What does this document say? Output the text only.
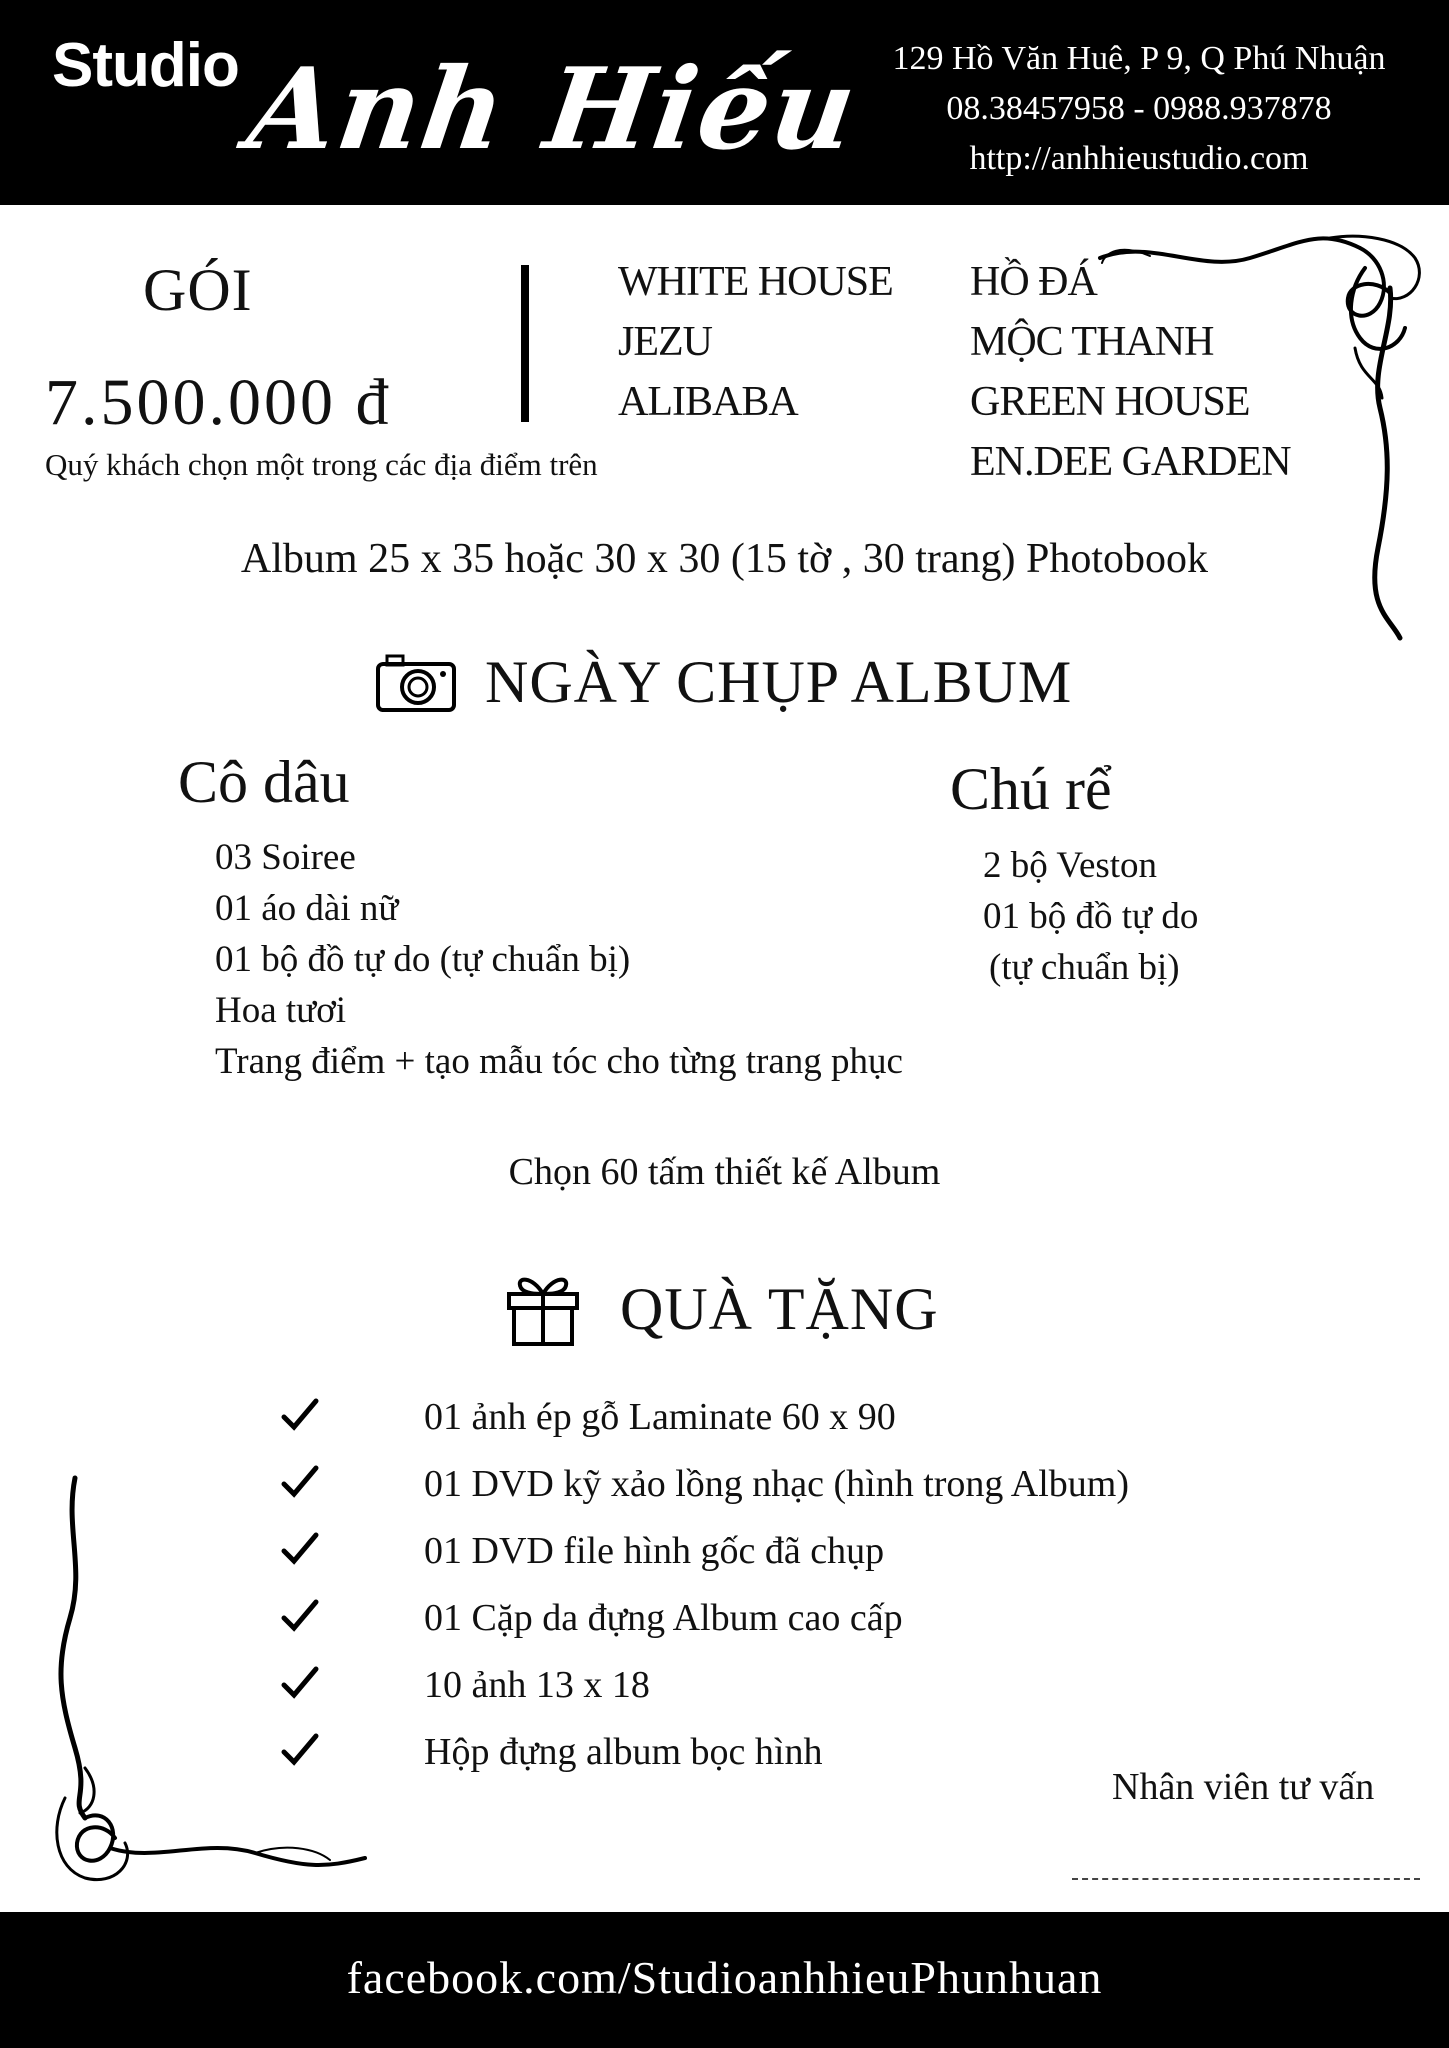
Studio Anh Hiếu 129 Hồ Văn Huê, P 9, Q Phú Nhuận
08.38457958 - 0988.937878
http://anhhieustudio.com
GÓI
7.500.000 đ
Quý khách chọn một trong các địa điểm trên
WHITE HOUSE
JEZU
ALIBABA
HỒ ĐÁ
MỘC THANH
GREEN HOUSE
EN.DEE GARDEN
Album 25 x 35 hoặc 30 x 30 (15 tờ , 30 trang) Photobook
NGÀY CHỤP ALBUM
Cô dâu	Chú rể
03 Soiree
01 áo dài nữ
01 bộ đồ tự do (tự chuẩn bị)
Hoa tươi
Trang điểm + tạo mẫu tóc cho từng trang phục
2 bộ Veston
01 bộ đồ tự do
(tự chuẩn bị)
Chọn 60 tấm thiết kế Album
QUÀ TẶNG
01 ảnh ép gỗ Laminate 60 x 90
01 DVD kỹ xảo lồng nhạc (hình trong Album)
01 DVD file hình gốc đã chụp
01 Cặp da đựng Album cao cấp
10 ảnh 13 x 18
Hộp đựng album bọc hình
Nhân viên tư vấn
facebook.com/StudioanhhieuPhunhuan
